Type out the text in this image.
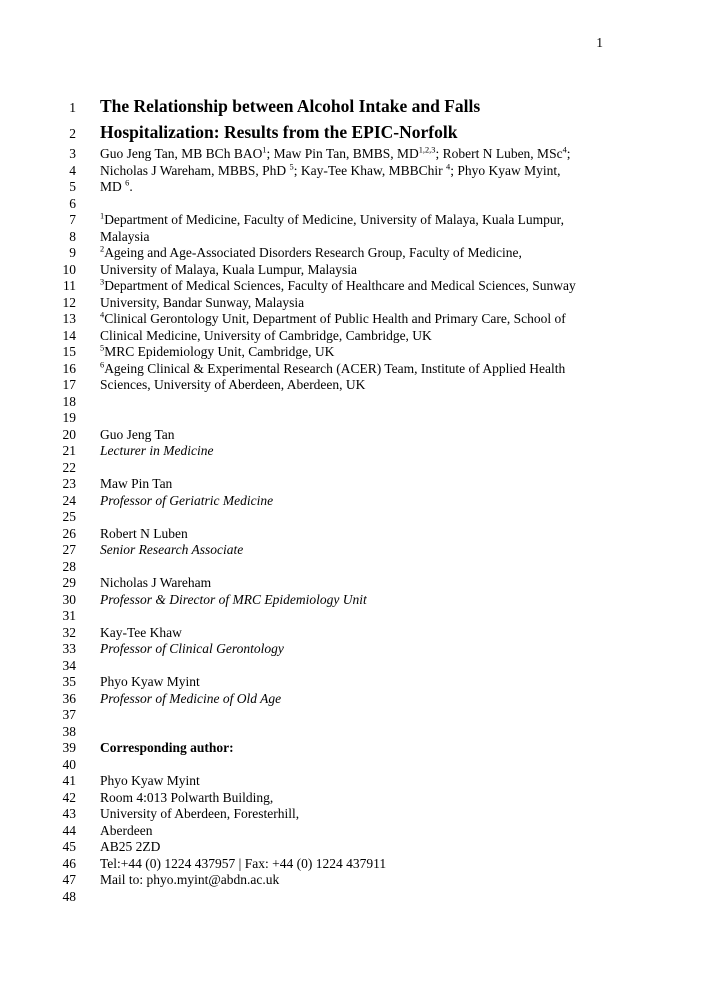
1
1 The Relationship between Alcohol Intake and Falls
2 Hospitalization: Results from the EPIC-Norfolk
3 Guo Jeng Tan, MB BCh BAO$^1$; Maw Pin Tan, BMBS, MD$^{1,2,3}$; Robert N Luben, MSc$^4$;
4 Nicholas J Wareham, MBBS, PhD $^5$; Kay-Tee Khaw, MBBChir $^4$; Phyo Kyaw Myint,
5 MD $^6$.
6
7	$^1$Department of Medicine, Faculty of Medicine, University of Malaya, Kuala Lumpur,
8 Malaysia
9	$^2$Ageing and Age-Associated Disorders Research Group, Faculty of Medicine,
10 University of Malaya, Kuala Lumpur, Malaysia
11	$^3$Department of Medical Sciences, Faculty of Healthcare and Medical Sciences, Sunway
12 University, Bandar Sunway, Malaysia
13	$^4$Clinical Gerontology Unit, Department of Public Health and Primary Care, School of
14 Clinical Medicine, University of Cambridge, Cambridge, UK
15	$^5$MRC Epidemiology Unit, Cambridge, UK
16	$^6$Ageing Clinical & Experimental Research (ACER) Team, Institute of Applied Health
17 Sciences, University of Aberdeen, Aberdeen, UK
18
19
20 Guo Jeng Tan
21 Lecturer in Medicine
22
23 Maw Pin Tan
24 Professor of Geriatric Medicine
25
26 Robert N Luben
27 Senior Research Associate
28
29 Nicholas J Wareham
30 Professor & Director of MRC Epidemiology Unit
31
32 Kay-Tee Khaw
33 Professor of Clinical Gerontology
34
35 Phyo Kyaw Myint
36 Professor of Medicine of Old Age
37
38
39 Corresponding author:
40
41 Phyo Kyaw Myint
42 Room 4:013 Polwarth Building,
43 University of Aberdeen, Foresterhill,
44 Aberdeen
45 AB25 2ZD
46 Tel:+44 (0) 1224 437957 | Fax: +44 (0) 1224 437911
47 Mail to: phyo.myint@abdn.ac.uk
48
